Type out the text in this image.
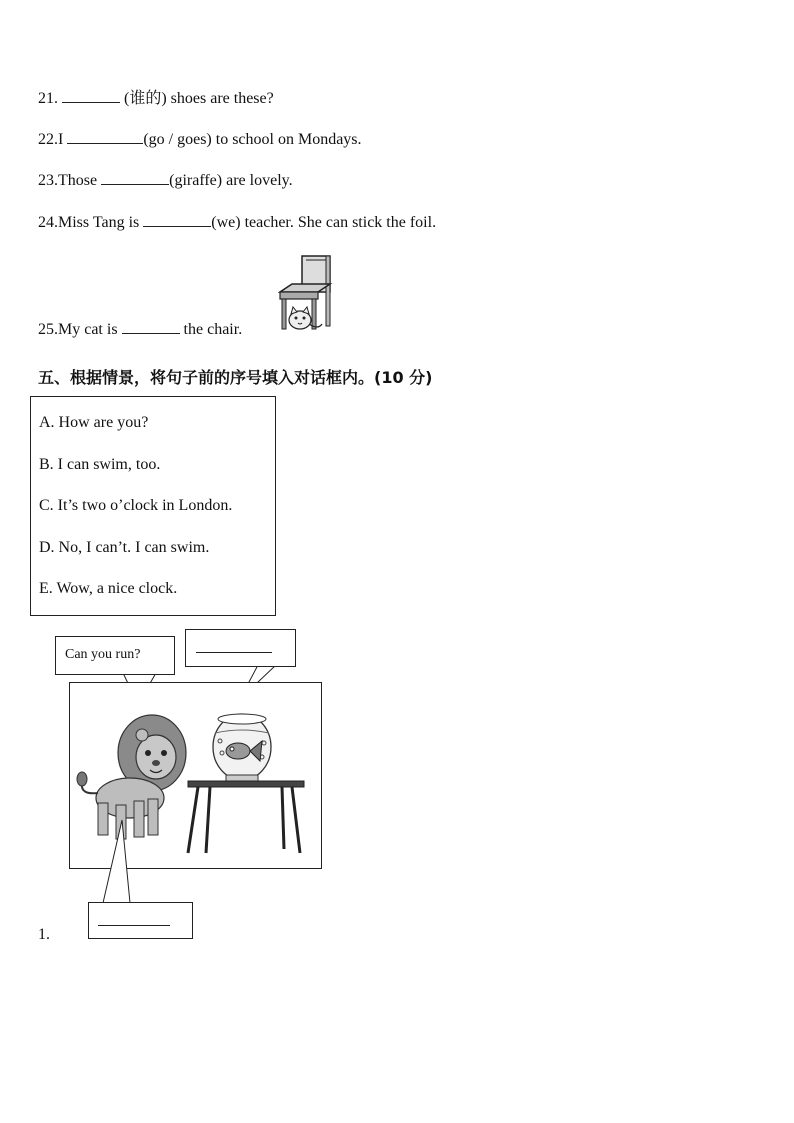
21.	(谁的) shoes are these?
22.I	(go / goes) to school on Mondays.
23.Those	(giraffe) are lovely.
24.Miss Tang is	(we) teacher. She can stick the foil.
25.My cat is	the chair.
五、根据情景，将句子前的序号填入对话框内。(10 分)
A. How are you?
B. I can swim, too.
C. It’s two o’clock in London.
D. No, I can’t. I can swim.
E. Wow, a nice clock.
Can you run?
1.
